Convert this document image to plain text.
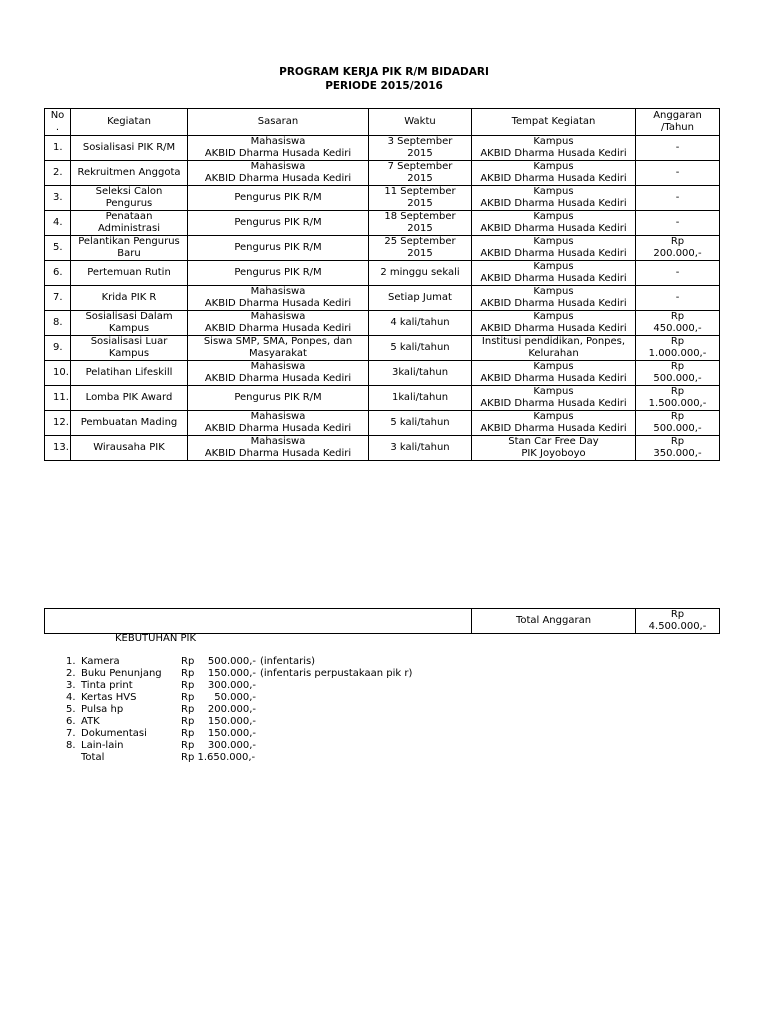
PROGRAM KERJA PIK R/M BIDADARI
PERIODE 2015/2016
No
.	Kegiatan	Sasaran	Waktu	Tempat Kegiatan	Anggaran
/Tahun

1.	Sosialisasi PIK R/M	Mahasiswa
AKBID Dharma Husada Kediri	3 September
2015	Kampus
AKBID Dharma Husada Kediri	-

2.	Rekruitmen Anggota	Mahasiswa
AKBID Dharma Husada Kediri	7 September
2015	Kampus
AKBID Dharma Husada Kediri	-

3.	Seleksi Calon
Pengurus	Pengurus PIK R/M	11 September
2015	Kampus
AKBID Dharma Husada Kediri	-

4.	Penataan
Administrasi	Pengurus PIK R/M	18 September
2015	Kampus
AKBID Dharma Husada Kediri	-

5.	Pelantikan Pengurus
Baru	Pengurus PIK R/M	25 September
2015	Kampus
AKBID Dharma Husada Kediri	Rp
200.000,-

6.	Pertemuan Rutin	Pengurus PIK R/M	2 minggu sekali	Kampus
AKBID Dharma Husada Kediri	-

7.	Krida PIK R	Mahasiswa
AKBID Dharma Husada Kediri	Setiap Jumat	Kampus
AKBID Dharma Husada Kediri	-

8.	Sosialisasi Dalam
Kampus	Mahasiswa
AKBID Dharma Husada Kediri	4 kali/tahun	Kampus
AKBID Dharma Husada Kediri	Rp
450.000,-

9.	Sosialisasi Luar
Kampus	Siswa SMP, SMA, Ponpes, dan
Masyarakat	5 kali/tahun	Institusi pendidikan, Ponpes,
Kelurahan	Rp
1.000.000,-

10.	Pelatihan Lifeskill	Mahasiswa
AKBID Dharma Husada Kediri	3kali/tahun	Kampus
AKBID Dharma Husada Kediri	Rp
500.000,-

11.	Lomba PIK Award	Pengurus PIK R/M	1kali/tahun	Kampus
AKBID Dharma Husada Kediri	Rp
1.500.000,-

12.	Pembuatan Mading	Mahasiswa
AKBID Dharma Husada Kediri	5 kali/tahun	Kampus
AKBID Dharma Husada Kediri	Rp
500.000,-

13.	Wirausaha PIK	Mahasiswa
AKBID Dharma Husada Kediri	3 kali/tahun	Stan Car Free Day
PIK Joyoboyo	Rp
350.000,-
	Total Anggaran	
Rp
4.500.000,-
KEBUTUHAN PIK
1. Kamera	Rp 500.000,- (infentaris)
2. Buku Penunjang Rp 150.000,- (infentaris perpustakaan pik r)
3. Tinta print	Rp 300.000,-
4. Kertas HVS	Rp	50.000,-
5. Pulsa hp	Rp 200.000,-
6. ATK	Rp 150.000,-
7. Dokumentasi	Rp 150.000,-
8. Lain-lain	Rp 300.000,-
Total	Rp 1.650.000,-
